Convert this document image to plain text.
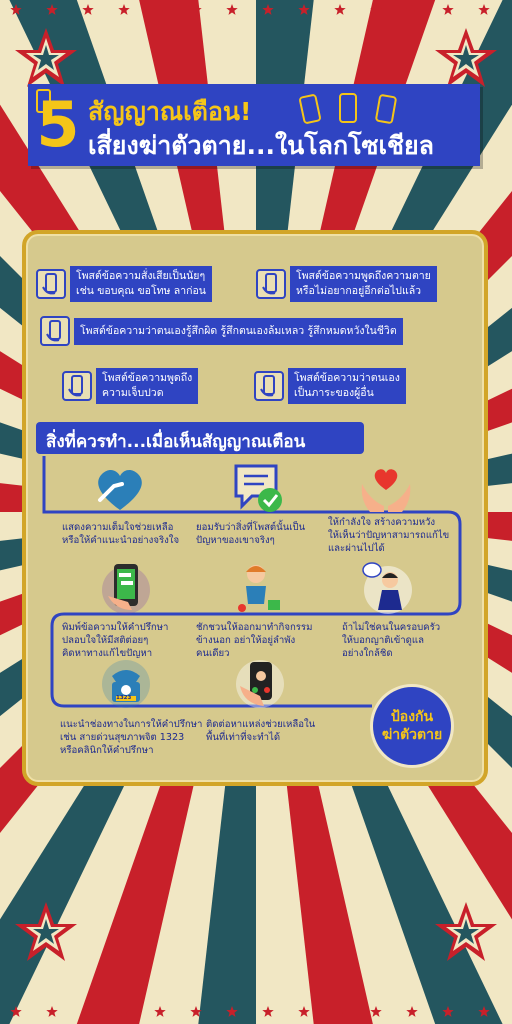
5 สัญญาณเตือน!
เสี่ยงฆ่าตัวตาย...ในโลกโซเชียล
โพสต์ข้อความสั่งเสียเป็นนัยๆ
เช่น ขอบคุณ ขอโทษ ลาก่อน
โพสต์ข้อความพูดถึงความตาย
หรือไม่อยากอยู่อีกต่อไปแล้ว
โพสต์ข้อความว่าตนเองรู้สึกผิด รู้สึกตนเองล้มเหลว รู้สึกหมดหวังในชีวิต
โพสต์ข้อความพูดถึง
ความเจ็บปวด
โพสต์ข้อความว่าตนเอง
เป็นภาระของผู้อื่น
สิ่งที่ควรทำ...เมื่อเห็นสัญญาณเตือน
1323
แสดงความเต็มใจช่วยเหลือ
หรือให้คำแนะนำอย่างจริงใจ
ยอมรับว่าสิ่งที่โพสต์นั้นเป็น
ปัญหาของเขาจริงๆ
ให้กำลังใจ สร้างความหวัง
ให้เห็นว่าปัญหาสามารถแก้ไข
และผ่านไปได้
พิมพ์ข้อความให้คำปรึกษา
ปลอบใจให้มีสติต่อยๆ
คิดหาทางแก้ไขปัญหา
ชักชวนให้ออกมาทำกิจกรรม
ข้างนอก อย่าให้อยู่ลำพัง
คนเดียว
ถ้าไม่ใช่คนในครอบครัว
ให้บอกญาติเข้าดูแล
อย่างใกล้ชิด
แนะนำช่องทางในการให้คำปรึกษา
เช่น สายด่วนสุขภาพจิต 1323
หรือคลินิกให้คำปรึกษา
ติดต่อหาแหล่งช่วยเหลือใน
พื้นที่เท่าที่จะทำได้
ป้องกัน
ฆ่าตัวตาย
